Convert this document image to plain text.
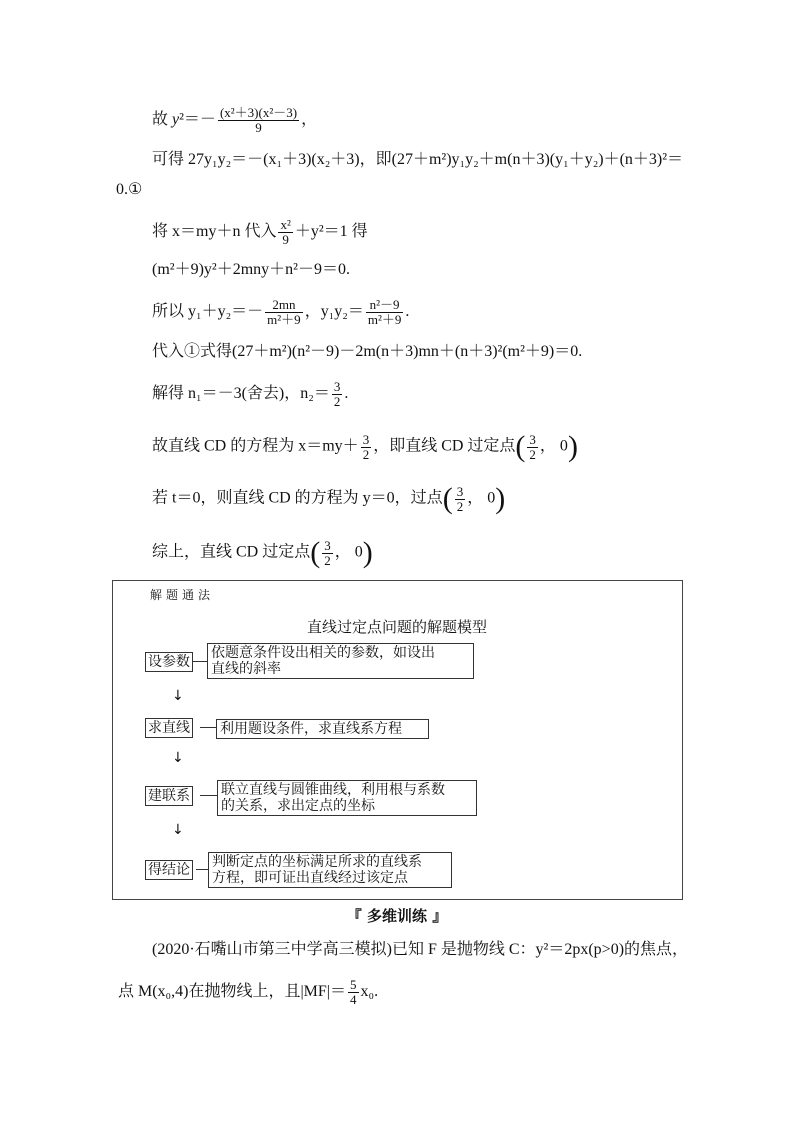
故 $y^2=- \frac{\text{(x²＋3)(x²－3)}}{9}$ ，
可得 27y₁y₂＝－(x₁＋3)(x₂＋3)，即(27＋m²)y₁y₂＋m(n＋3)(y₁＋y₂)＋(n＋3)²＝
0.①
将 x＝my＋n 代入 $\frac{\text{x²}}{9} +y^2=1$ 得
(m²＋9)y²＋2mny＋n²－9＝0.
所以 $y_1+y_2=- \frac{2mn}{\text{m²＋9}}$ ，$y_1y_2= \frac{\text{n²－9}}{\text{m²＋9}}$ .
代入①式得(27＋m²)(n²－9)－2m(n＋3)mn＋(n＋3)²(m²＋9)＝0.
解得 n₁＝－3(舍去)，$n_2= \frac{3}{2}$ .
故直线 CD 的方程为 $x=my+ \frac{3}{2}$ ，即直线 CD 过定点( $\frac{3}{2}$ ， 0)
若 t＝0，则直线 CD 的方程为 y＝0，过点( $\frac{3}{2}$ ， 0)
综上，直线 CD 过定点( $\frac{3}{2}$ ， 0)
解题通法
直线过定点问题的解题模型
设参数
依题意条件设出相关的参数，如设出
直线的斜率
↓
求直线 利用题设条件，求直线系方程
↓
建联系 联立直线与圆锥曲线，利用根与系数
的关系，求出定点的坐标
↓
得结论 判断定点的坐标满足所求的直线系
方程，即可证出直线经过该定点
『 多维训练 』
(2020·石嘴山市第三中学高三模拟)已知 F 是抛物线 C：y²＝2px(p>0)的焦点，
点 M(x₀,4)在抛物线上，且$|MF|= \frac{5}{4} x_0$.
